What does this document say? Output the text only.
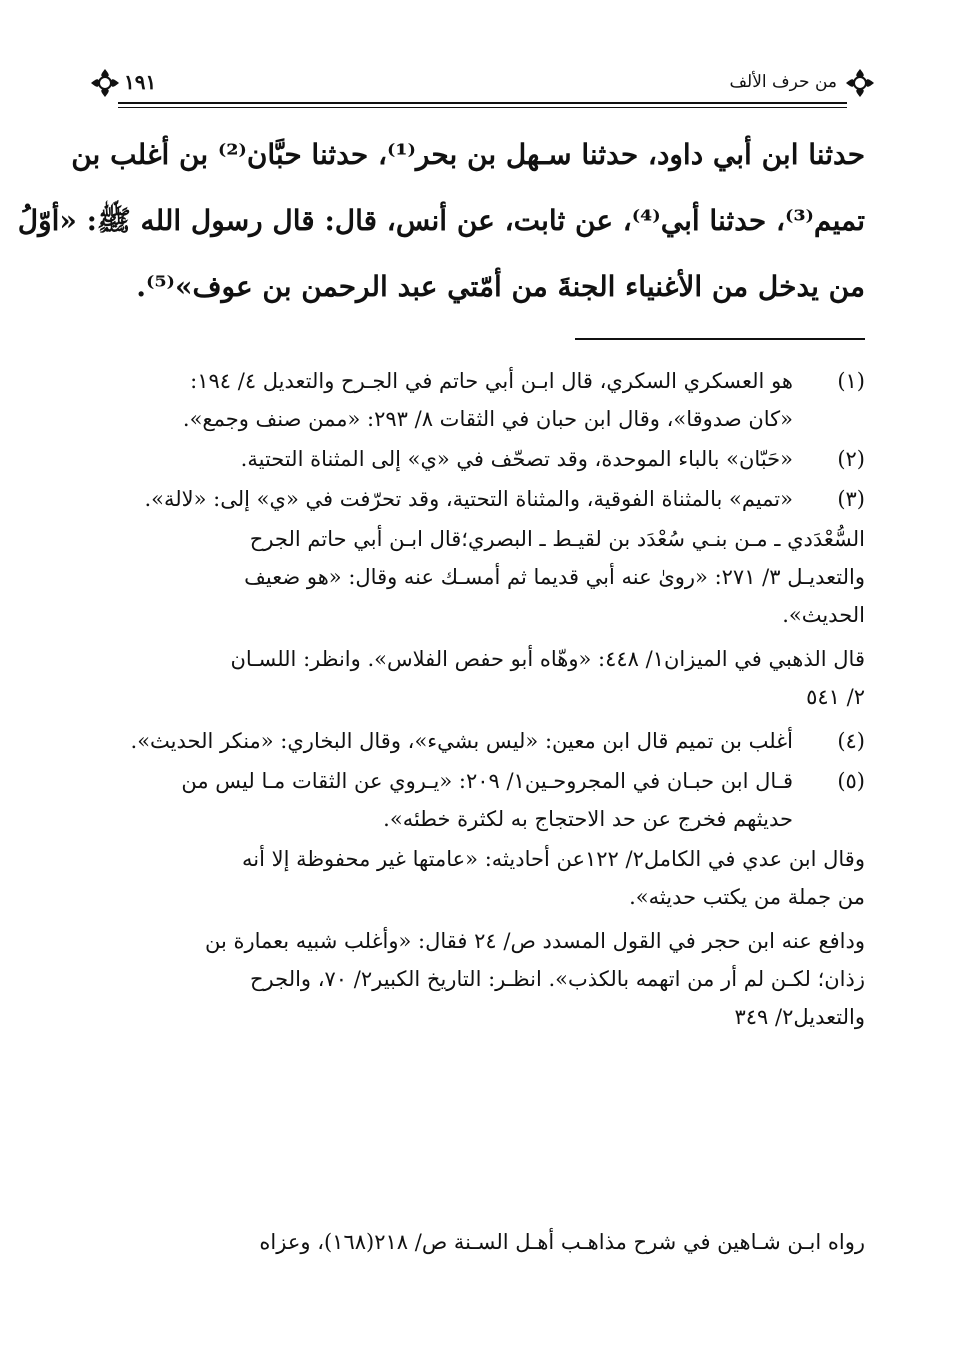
من حرف الألف
١٩١

حدثنا ابن أبي داود، حدثنا سـهل بن بحر⁽¹⁾، حدثنا حبَّان⁽²⁾ بن أغلب بن
تميم⁽³⁾، حدثنا أبي⁽⁴⁾، عن ثابت، عن أنس، قال: قال رسول الله ﷺ: «أوّلُ
من يدخل من الأغنياء الجنةَ من أمّتي عبد الرحمن بن عوف»⁽⁵⁾.

(١)
هو العسكري السكري، قال ابـن أبي حاتم في الجـرح والتعديل ٤/ ١٩٤:
«كان صدوقا»، وقال ابن حبان في الثقات ٨/ ٢٩٣: «ممن صنف وجمع».
(٢)
«حَبّان» بالباء الموحدة، وقد تصحّف في «ي» إلى المثناة التحتية.
(٣)
«تميم» بالمثناة الفوقية، والمثناة التحتية، وقد تحرّفت في «ي» إلى: «لالة».
السُّعْدَدي ـ مـن بنـي سُعْدَد بن لقيـط ـ البصري؛قال ابـن أبي حاتم الجرح
والتعديـل ٣/ ٢٧١: «روىٰ عنه أبي قديما ثم أمسـك عنه وقال: «هو ضعيف
الحديث».
قال الذهبي في الميزان١/ ٤٤٨: «وهّاه أبو حفص الفلاس». وانظر: اللسـان
٢/ ٥٤١
(٤)
أغلب بن تميم قال ابن معين: «ليس بشيء»، وقال البخاري: «منكر الحديث».
(٥)
قـال ابن حبـان في المجروحـين١/ ٢٠٩: «يـروي عن الثقات مـا ليس من
حديثهم فخرج عن حد الاحتجاج به لكثرة خطئه».
وقال ابن عدي في الكامل٢/ ١٢٢عن أحاديثه: «عامتها غير محفوظة إلا أنه
من جملة من يكتب حديثه».
ودافع عنه ابن حجر في القول المسدد ص/ ٢٤ فقال: «وأغلب شبيه بعمارة بن
زذان؛ لكـن لم أر من اتهمه بالكذب». انظـر: التاريخ الكبير٢/ ٧٠، والجرح
والتعديل٢/ ٣٤٩
رواه ابـن شـاهين في شرح مذاهـب أهـل السـنة ص/ ٢١٨(١٦٨)، وعزاه
